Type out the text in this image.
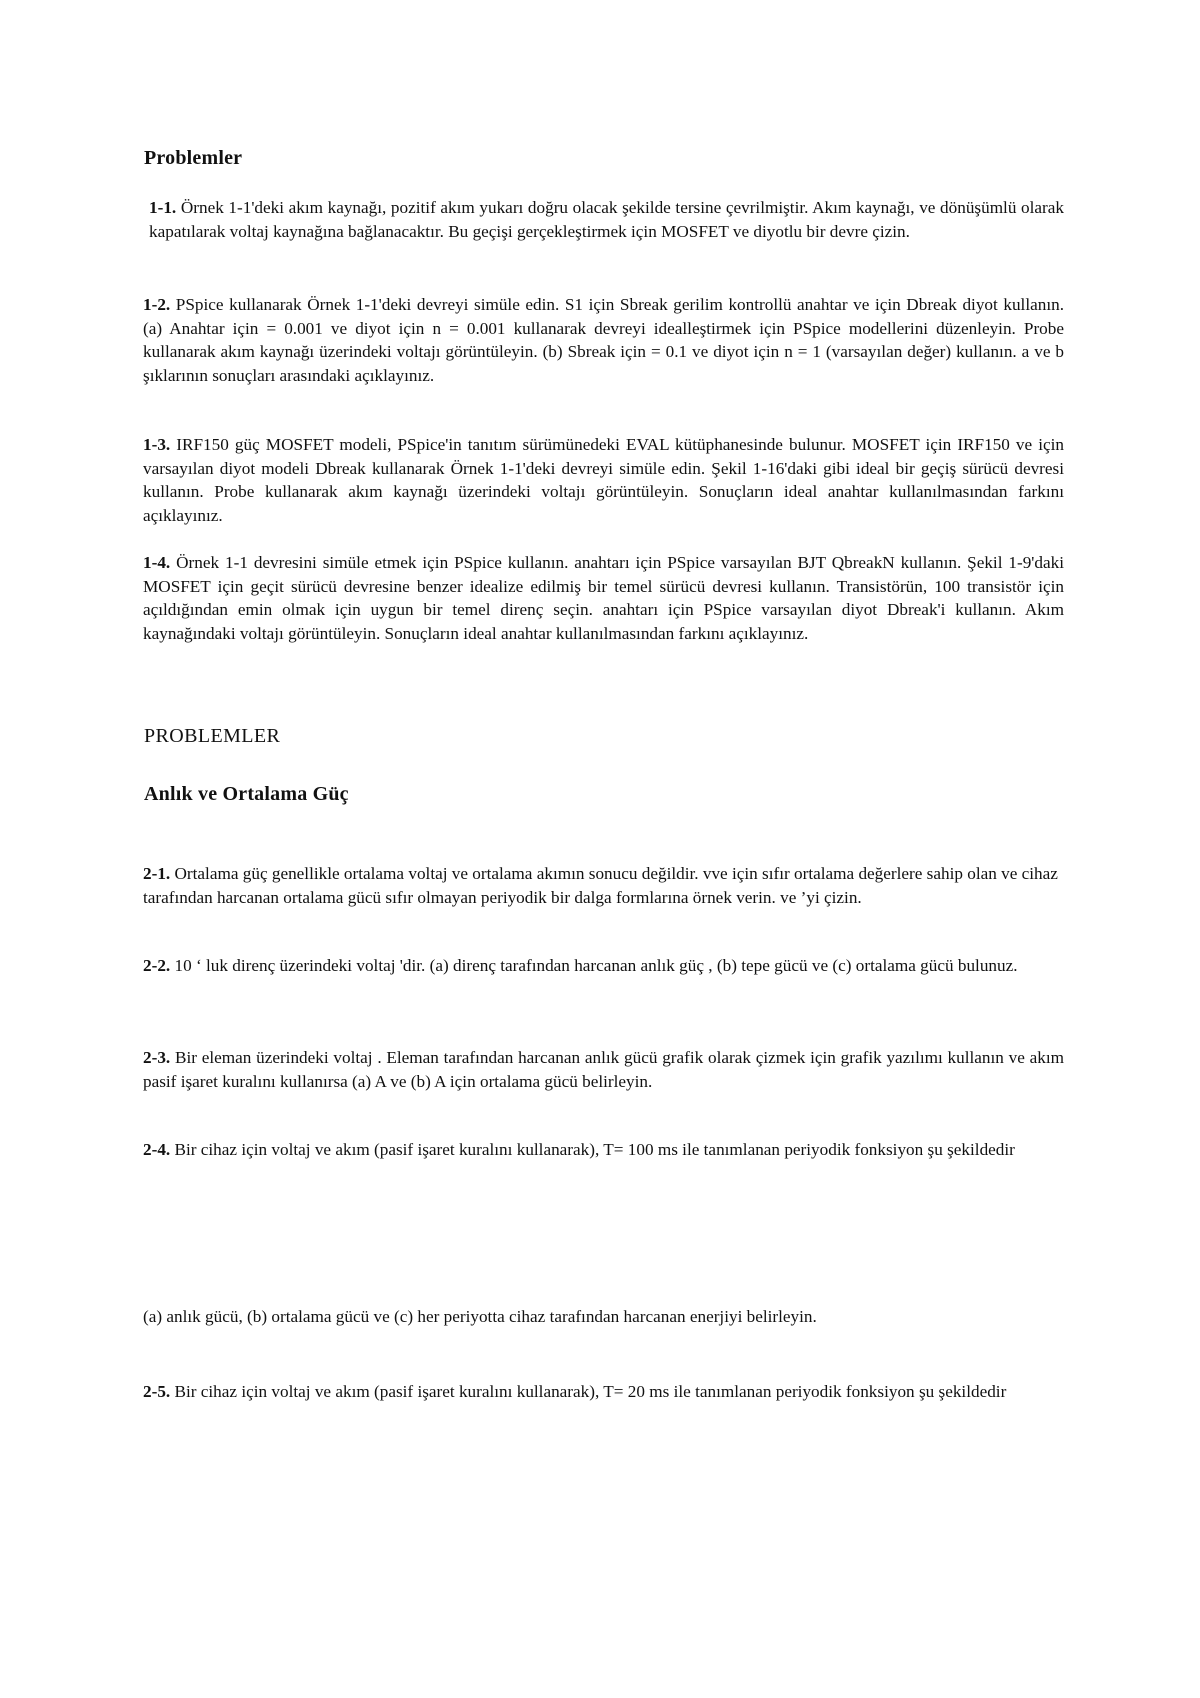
Problemler

1-1. Örnek 1-1'deki akım kaynağı, pozitif akım yukarı doğru olacak şekilde tersine çevrilmiştir. Akım kaynağı, ve dönüşümlü olarak kapatılarak voltaj kaynağına bağlanacaktır. Bu geçişi gerçekleştirmek için MOSFET ve diyotlu bir devre çizin.

1-2. PSpice kullanarak Örnek 1-1'deki devreyi simüle edin. S1 için Sbreak gerilim kontrollü anahtar ve için Dbreak diyot kullanın. (a) Anahtar için = 0.001 ve diyot için n = 0.001 kullanarak devreyi idealleştirmek için PSpice modellerini düzenleyin. Probe kullanarak akım kaynağı üzerindeki voltajı görüntüleyin. (b) Sbreak için = 0.1 ve diyot için n = 1 (varsayılan değer) kullanın. a ve b şıklarının sonuçları arasındaki açıklayınız.

1-3. IRF150 güç MOSFET modeli, PSpice'in tanıtım sürümünedeki EVAL kütüphanesinde bulunur. MOSFET için IRF150 ve için varsayılan diyot modeli Dbreak kullanarak Örnek 1-1'deki devreyi simüle edin. Şekil 1-16'daki gibi ideal bir geçiş sürücü devresi kullanın. Probe kullanarak akım kaynağı üzerindeki voltajı görüntüleyin. Sonuçların ideal anahtar kullanılmasından farkını açıklayınız.

1-4. Örnek 1-1 devresini simüle etmek için PSpice kullanın. anahtarı için PSpice varsayılan BJT QbreakN kullanın. Şekil 1-9'daki MOSFET için geçit sürücü devresine benzer idealize edilmiş bir temel sürücü devresi kullanın. Transistörün, 100 transistör için açıldığından emin olmak için uygun bir temel direnç seçin. anahtarı için PSpice varsayılan diyot Dbreak'i kullanın. Akım kaynağındaki voltajı görüntüleyin. Sonuçların ideal anahtar kullanılmasından farkını açıklayınız.

PROBLEMLER
Anlık ve Ortalama Güç

2-1. Ortalama güç genellikle ortalama voltaj ve ortalama akımın sonucu değildir. vve için sıfır ortalama değerlere sahip olan ve cihaz tarafından harcanan ortalama gücü sıfır olmayan periyodik bir dalga formlarına örnek verin. ve ’yi çizin.

2-2. 10 ‘ luk direnç üzerindeki voltaj 'dir. (a) direnç tarafından harcanan anlık güç , (b) tepe gücü ve (c) ortalama gücü bulunuz.

2-3. Bir eleman üzerindeki voltaj . Eleman tarafından harcanan anlık gücü grafik olarak çizmek için grafik yazılımı kullanın ve akım pasif işaret kuralını kullanırsa (a) A ve (b) A için ortalama gücü belirleyin.

2-4. Bir cihaz için voltaj ve akım (pasif işaret kuralını kullanarak), T= 100 ms ile tanımlanan periyodik fonksiyon şu şekildedir

(a) anlık gücü, (b) ortalama gücü ve (c) her periyotta cihaz tarafından harcanan enerjiyi belirleyin.

2-5. Bir cihaz için voltaj ve akım (pasif işaret kuralını kullanarak), T= 20 ms ile tanımlanan periyodik fonksiyon şu şekildedir
